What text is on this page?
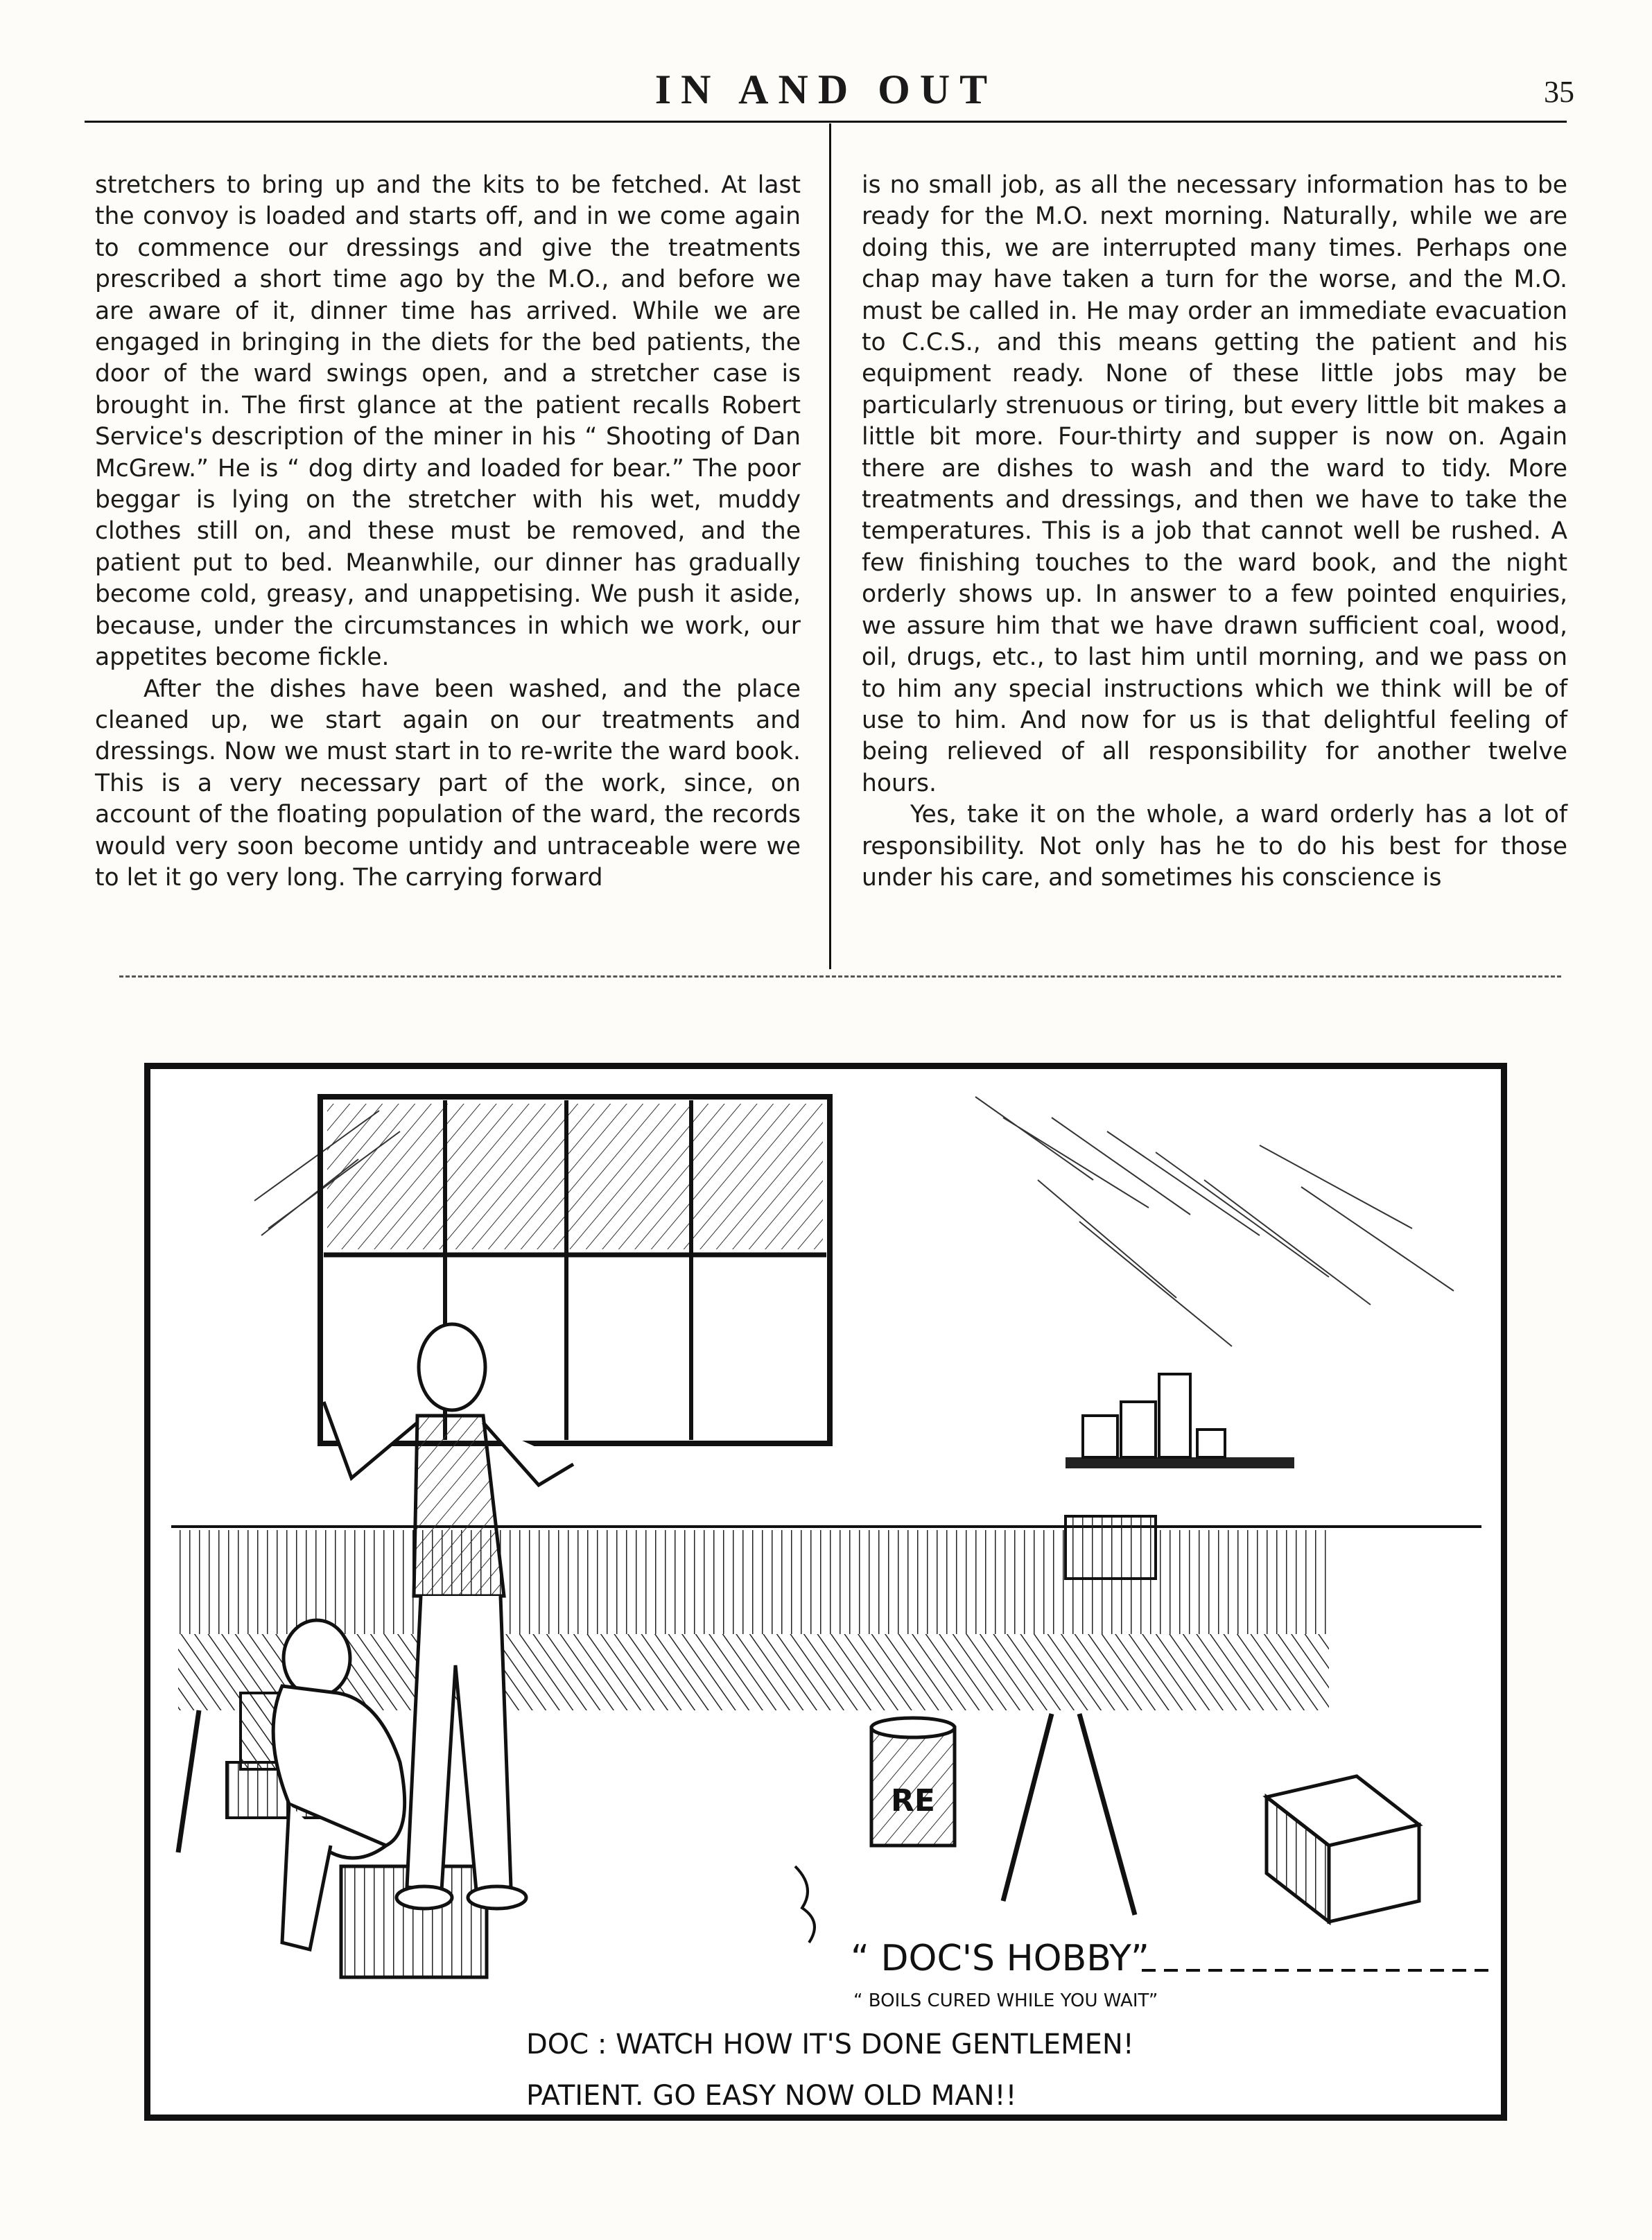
IN AND OUT	35

stretchers to bring up and the kits to be fetched. At last the convoy is loaded and starts off, and in we come again to commence our dressings and give the treatments prescribed a short time ago by the M.O., and before we are aware of it, dinner time has arrived. While we are engaged in bringing in the diets for the bed patients, the door of the ward swings open, and a stretcher case is brought in. The first glance at the patient recalls Robert Service's description of the miner in his “ Shooting of Dan McGrew.” He is “ dog dirty and loaded for bear.” The poor beggar is lying on the stretcher with his wet, muddy clothes still on, and these must be removed, and the patient put to bed. Meanwhile, our dinner has gradually become cold, greasy, and unappetising. We push it aside, because, under the circumstances in which we work, our appetites become fickle.

After the dishes have been washed, and the place cleaned up, we start again on our treatments and dressings. Now we must start in to re-write the ward book. This is a very necessary part of the work, since, on account of the floating population of the ward, the records would very soon become untidy and untraceable were we to let it go very long. The carrying forward

is no small job, as all the necessary information has to be ready for the M.O. next morning. Naturally, while we are doing this, we are interrupted many times. Perhaps one chap may have taken a turn for the worse, and the M.O. must be called in. He may order an immediate evacuation to C.C.S., and this means getting the patient and his equipment ready. None of these little jobs may be particularly strenuous or tiring, but every little bit makes a little bit more. Four-thirty and supper is now on. Again there are dishes to wash and the ward to tidy. More treatments and dressings, and then we have to take the temperatures. This is a job that cannot well be rushed. A few finishing touches to the ward book, and the night orderly shows up. In answer to a few pointed enquiries, we assure him that we have drawn sufficient coal, wood, oil, drugs, etc., to last him until morning, and we pass on to him any special instructions which we think will be of use to him. And now for us is that delightful feeling of being relieved of all responsibility for another twelve hours.

Yes, take it on the whole, a ward orderly has a lot of responsibility. Not only has he to do his best for those under his care, and sometimes his conscience is

RE
“ DOC'S HOBBY”
“ BOILS CURED WHILE YOU WAIT”
DOC : WATCH HOW IT'S DONE GENTLEMEN!
PATIENT. GO EASY NOW OLD MAN!!
